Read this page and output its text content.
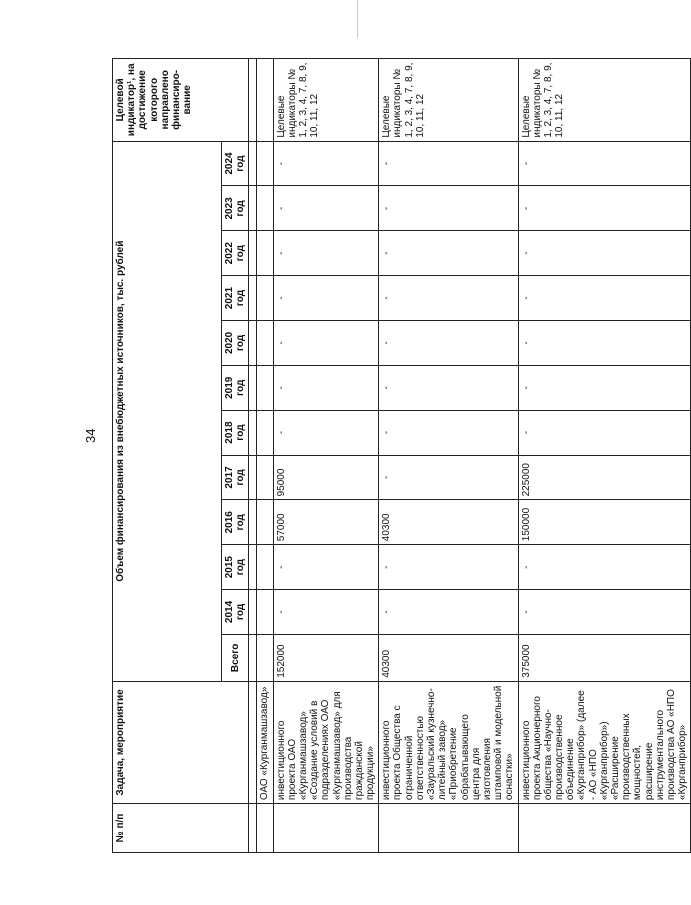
34
№ п/п	Задача, мероприятие	Объем финансирования из внебюджетных источников, тыс. рублей												Целевой индикатор¹, на достижение которого направлено финансиро-вание
		Всего	2014 год	2015 год	2016 год	2017 год	2018 год	2019 год	2020 год	2021 год	2022 год	2023 год	2024 год	

	ОАО «Курганмашзавод»													
	инвестиционного проекта ОАО «Курганмашзавод» «Создание условий в подразделениях ОАО «Курганмашзавод» для производства гражданской продукции»	152000	-	-	57000	95000	-	-	-	-	-	-	-	Целевые индикаторы № 1, 2, 3, 4, 7, 8, 9, 10, 11, 12
	инвестиционного проекта Общества с ограниченной ответственностью «Зауральский кузнечно-литейный завод» «Приобретение обрабатывающего центра для изготовления штамповой и модельной оснастки»	40300	-	-	40300	-	-	-	-	-	-	-	-	Целевые индикаторы № 1, 2, 3, 4, 7, 8, 9, 10, 11, 12
	инвестиционного проекта Акционерного общества «Научно-производственное объединение «Курганприбор» (далее - АО «НПО «Курганприбор») «Расширение производственных мощностей, расширение инструментального производства АО «НПО «Курганприбор»	375000	-	-	150000	225000	-	-	-	-	-	-	-	Целевые индикаторы № 1, 2, 3, 4, 7, 8, 9, 10, 11, 12
